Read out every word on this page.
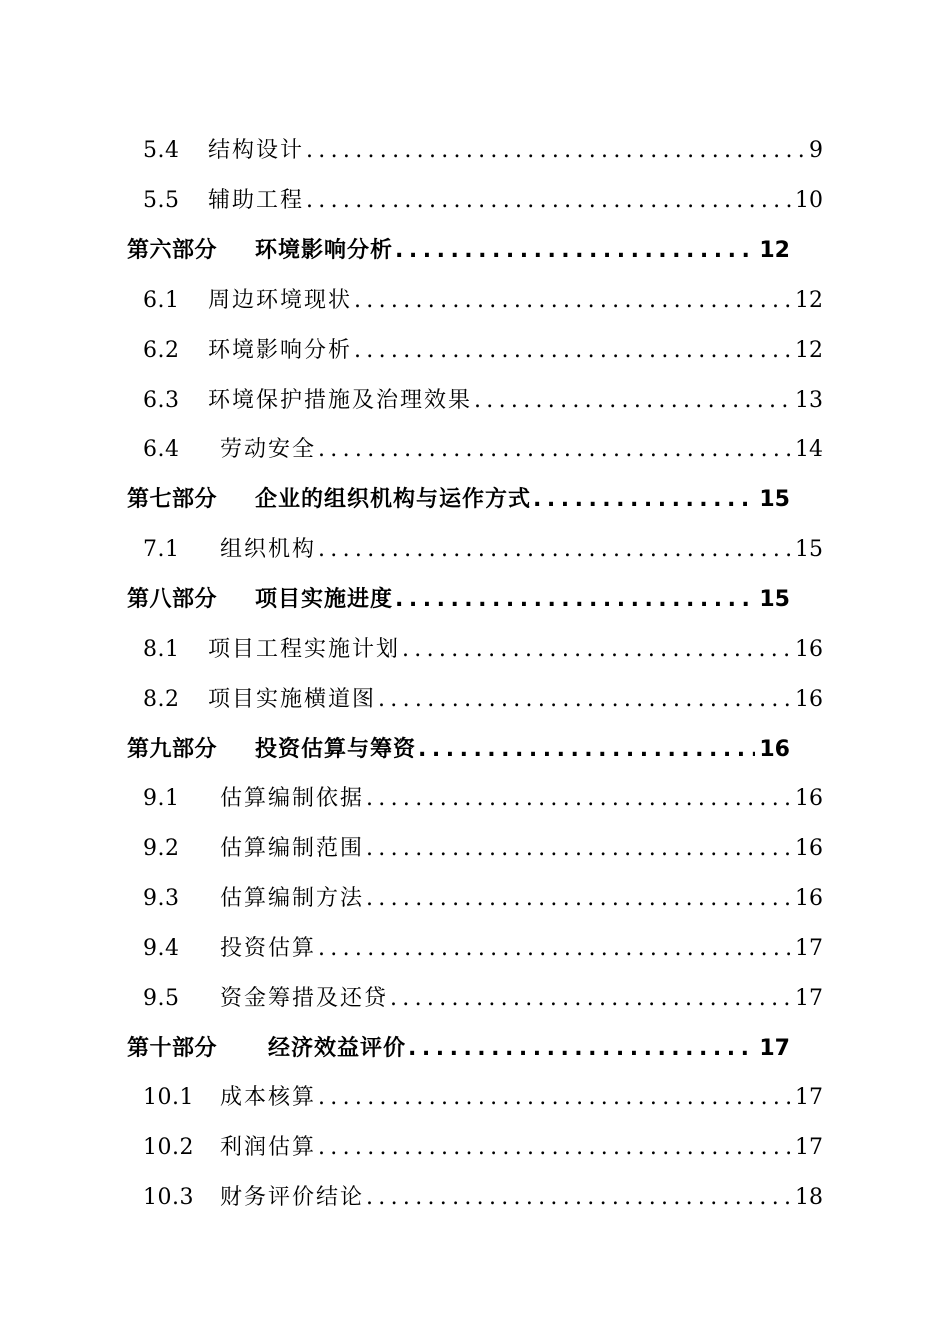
5.4	结构设计 .....	9
5.5	辅助工程 .....	10
第六部分	环境影响分析 .....	12
6.1	周边环境现状 .....	12
6.2	环境影响分析 .....	12
6.3	环境保护措施及治理效果 .....	13
6.4	劳动安全 .....	14
第七部分	企业的组织机构与运作方式 .....	15
7.1	组织机构 .....	15
第八部分	项目实施进度 .....	15
8.1	项目工程实施计划 .....	16
8.2	项目实施横道图 .....	16
第九部分	投资估算与筹资 .....	16
9.1	估算编制依据 .....	16
9.2	估算编制范围 .....	16
9.3	估算编制方法 .....	16
9.4	投资估算 .....	17
9.5	资金筹措及还贷 .....	17
第十部分	经济效益评价 .....	17
10.1	成本核算 .....	17
10.2	利润估算 .....	17
10.3	财务评价结论 .....	18
